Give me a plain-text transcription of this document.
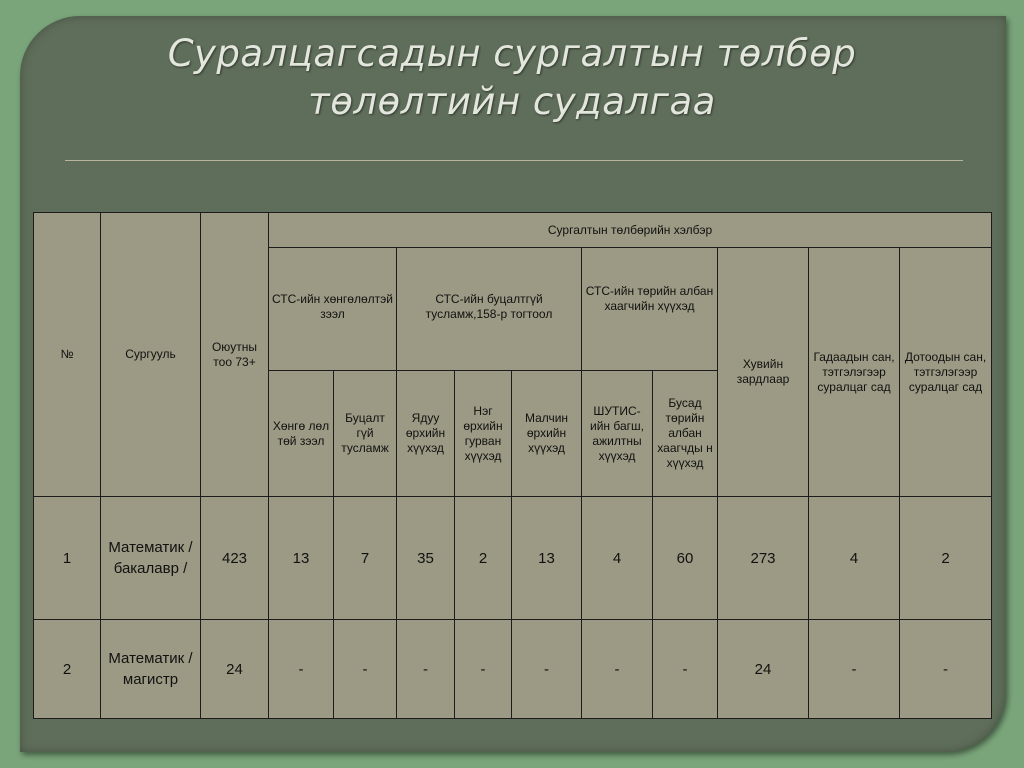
Суралцагсадын сургалтын төлбөр
төлөлтийн судалгаа
№	Сургууль	Оюутны тоо 73+	Сургалтын төлбөрийн хэлбэр									
			СТС-ийн хөнгөлөлтэй зээл		СТС-ийн буцалтгүй тусламж,158-р тогтоол			СТС-ийн төрийн албан хаагчийн хүүхэд		Хувийн зардлаар	Гадаадын сан, тэтгэлэгээр суралцаг сад	Дотоодын сан, тэтгэлэгээр суралцаг сад
			Хөнгө лөл төй зээл	Буцалт гүй тусламж	Ядуу өрхийн хүүхэд	Нэг өрхийн гурван хүүхэд	Малчин өрхийн хүүхэд	ШУТИС-ийн багш, ажилтны хүүхэд	Бусад төрийн албан хаагчды н хүүхэд			
1	Математик / бакалавр /	423	13	7	35	2	13	4	60	273	4	2
2	Математик / магистр	24	-	-	-	-	-	-	-	24	-	-
